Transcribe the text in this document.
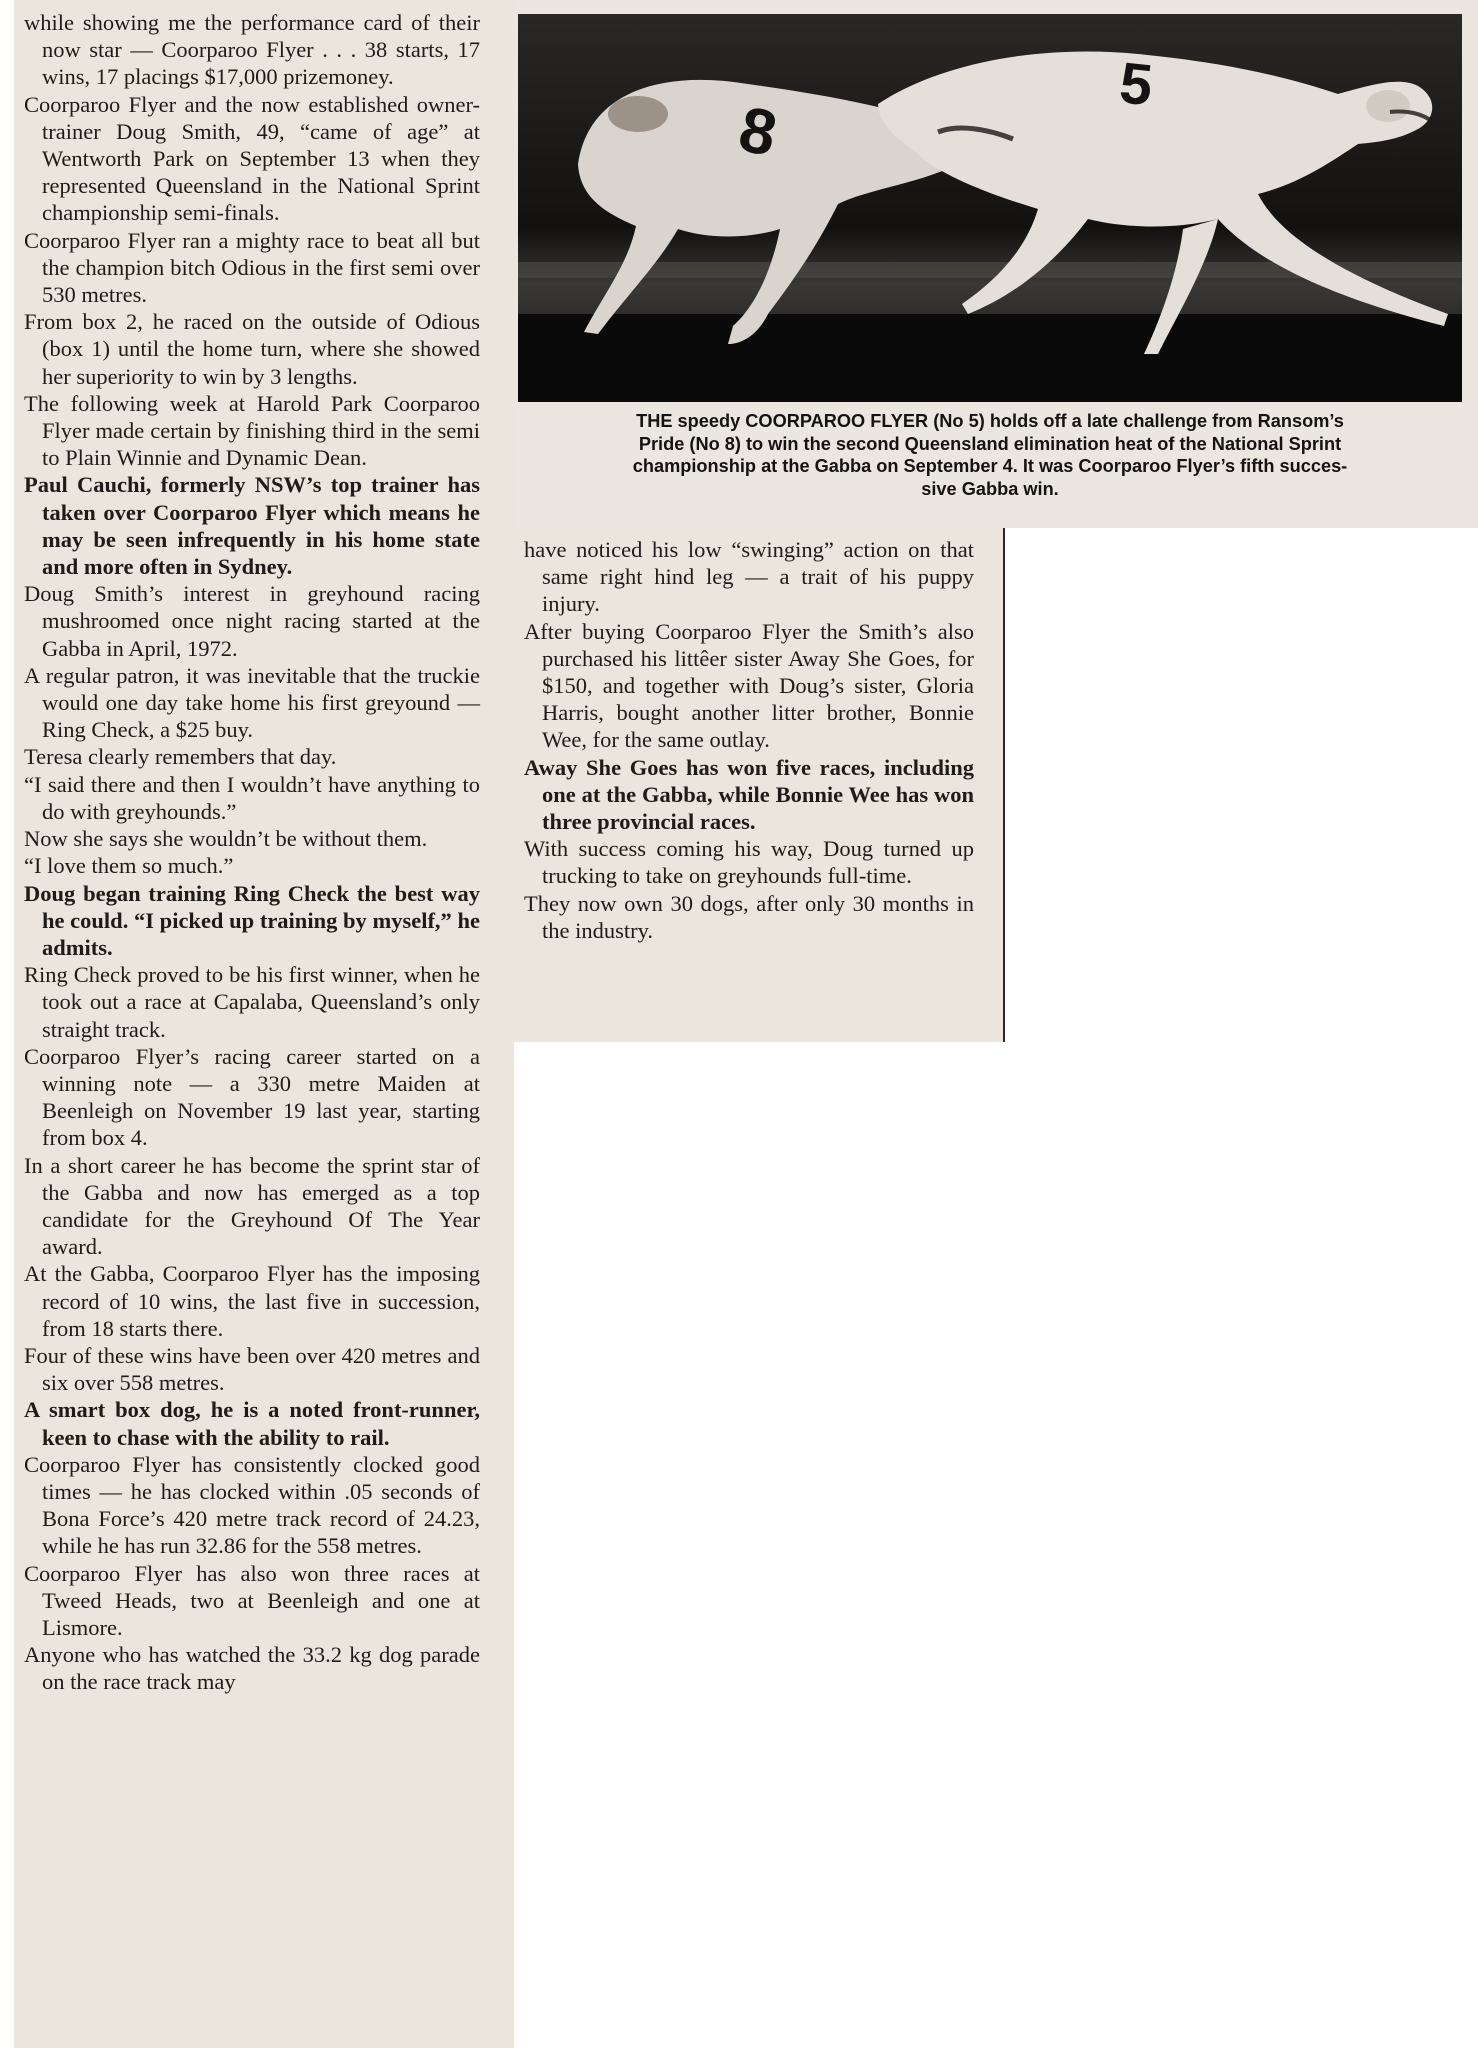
while showing me the performance card of their now star — Coorparoo Flyer . . . 38 starts, 17 wins, 17 placings $17,000 prizemoney.

Coorparoo Flyer and the now established owner-trainer Doug Smith, 49, “came of age” at Wentworth Park on September 13 when they represented Queensland in the National Sprint championship semi-finals.

Coorparoo Flyer ran a mighty race to beat all but the champion bitch Odious in the first semi over 530 metres.

From box 2, he raced on the outside of Odious (box 1) until the home turn, where she showed her superiority to win by 3 lengths.

The following week at Harold Park Coorparoo Flyer made certain by finishing third in the semi to Plain Winnie and Dynamic Dean.

Paul Cauchi, formerly NSW’s top trainer has taken over Coorparoo Flyer which means he may be seen infrequently in his home state and more often in Sydney.

Doug Smith’s interest in greyhound racing mushroomed once night racing started at the Gabba in April, 1972.

A regular patron, it was inevitable that the truckie would one day take home his first greyound — Ring Check, a $25 buy.

Teresa clearly remembers that day.

“I said there and then I wouldn’t have anything to do with greyhounds.”

Now she says she wouldn’t be without them.

“I love them so much.”

Doug began training Ring Check the best way he could. “I picked up training by myself,” he admits.

Ring Check proved to be his first winner, when he took out a race at Capalaba, Queensland’s only straight track.

Coorparoo Flyer’s racing career started on a winning note — a 330 metre Maiden at Beenleigh on November 19 last year, starting from box 4.

In a short career he has become the sprint star of the Gabba and now has emerged as a top candidate for the Greyhound Of The Year award.

At the Gabba, Coorparoo Flyer has the imposing record of 10 wins, the last five in succession, from 18 starts there.

Four of these wins have been over 420 metres and six over 558 metres.

A smart box dog, he is a noted front-runner, keen to chase with the ability to rail.

Coorparoo Flyer has consistently clocked good times — he has clocked within .05 seconds of Bona Force’s 420 metre track record of 24.23, while he has run 32.86 for the 558 metres.

Coorparoo Flyer has also won three races at Tweed Heads, two at Beenleigh and one at Lismore.

Anyone who has watched the 33.2 kg dog parade on the race track may

8
5
THE speedy COORPAROO FLYER (No 5) holds off a late challenge from Ransom’s
Pride (No 8) to win the second Queensland elimination heat of the National Sprint
championship at the Gabba on September 4. It was Coorparoo Flyer’s fifth succes-
sive Gabba win.

have noticed his low “swinging” action on that same right hind leg — a trait of his puppy injury.

After buying Coorparoo Flyer the Smith’s also purchased his littêer sister Away She Goes, for $150, and together with Doug’s sister, Gloria Harris, bought another litter brother, Bonnie Wee, for the same outlay.

Away She Goes has won five races, including one at the Gabba, while Bonnie Wee has won three provincial races.

With success coming his way, Doug turned up trucking to take on greyhounds full-time.

They now own 30 dogs, after only 30 months in the industry.
